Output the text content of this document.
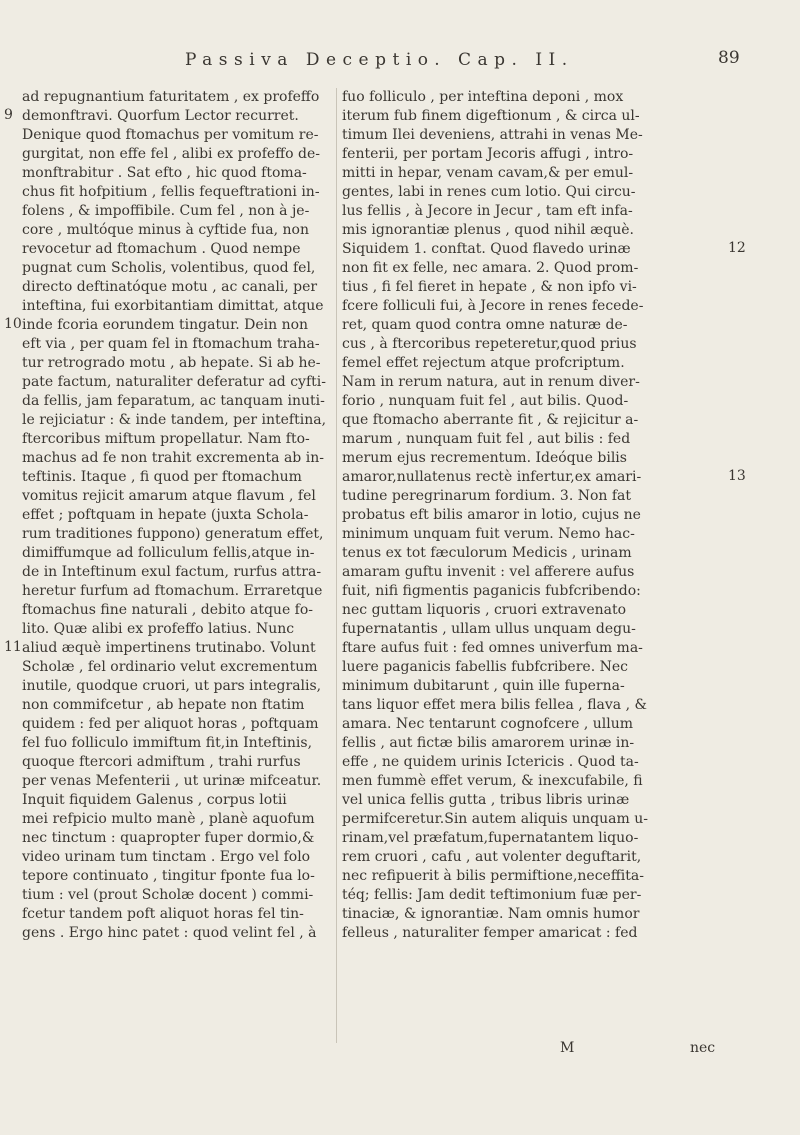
Passiva Deceptio. Cap. II.	89
ad repugnantium faturitatem , ex profeffo
demonftravi. Quorfum Lector recurret.
Denique quod ftomachus per vomitum re-
gurgitat, non effe fel , alibi ex profeffo de-
monftrabitur . Sat efto , hic quod ftoma-
chus fit hofpitium , fellis fequeftrationi in-
folens , & impoffibile. Cum fel , non à je-
core , multóque minus à cyftide fua, non
revocetur ad ftomachum . Quod nempe
pugnat cum Scholis, volentibus, quod fel,
directo deftinatóque motu , ac canali, per
inteftina, fui exorbitantiam dimittat, atque
inde fcoria eorundem tingatur. Dein non
eft via , per quam fel in ftomachum traha-
tur retrogrado motu , ab hepate. Si ab he-
pate factum, naturaliter deferatur ad cyfti-
da fellis, jam feparatum, ac tanquam inuti-
le rejiciatur : & inde tandem, per inteftina,
ftercoribus miftum propellatur. Nam fto-
machus ad fe non trahit excrementa ab in-
teftinis. Itaque , fi quod per ftomachum
vomitus rejicit amarum atque flavum , fel
effet ; poftquam in hepate (juxta Schola-
rum traditiones fuppono) generatum effet,
dimiffumque ad folliculum fellis,atque in-
de in Inteftinum exul factum, rurfus attra-
heretur furfum ad ftomachum. Erraretque
ftomachus fine naturali , debito atque fo-
lito. Quæ alibi ex profeffo latius. Nunc
aliud æquè impertinens trutinabo. Volunt
Scholæ , fel ordinario velut excrementum
inutile, quodque cruori, ut pars integralis,
non commifcetur , ab hepate non ftatim
quidem : fed per aliquot horas , poftquam
fel fuo folliculo immiftum fit,in Inteftinis,
quoque ftercori admiftum , trahi rurfus
per venas Mefenterii , ut urinæ mifceatur.
Inquit fiquidem Galenus , corpus lotii
mei refpicio multo manè , planè aquofum
nec tinctum : quapropter fuper dormio,&
video urinam tum tinctam . Ergo vel folo
tepore continuato , tingitur fponte fua lo-
tium : vel (prout Scholæ docent ) commi-
fcetur tandem poft aliquot horas fel tin-
gens . Ergo hinc patet : quod velint fel , à
fuo folliculo , per inteftina deponi , mox
iterum fub finem digeftionum , & circa ul-
timum Ilei deveniens, attrahi in venas Me-
fenterii, per portam Jecoris affugi , intro-
mitti in hepar, venam cavam,& per emul-
gentes, labi in renes cum lotio. Qui circu-
lus fellis , à Jecore in Jecur , tam eft infa-
mis ignorantiæ plenus , quod nihil æquè.
Siquidem 1. conftat. Quod flavedo urinæ
non fit ex felle, nec amara. 2. Quod prom-
tius , fi fel fieret in hepate , & non ipfo vi-
fcere folliculi fui, à Jecore in renes fecede-
ret, quam quod contra omne naturæ de-
cus , à ftercoribus repeteretur,quod prius
femel effet rejectum atque profcriptum.
Nam in rerum natura, aut in renum diver-
forio , nunquam fuit fel , aut bilis. Quod-
que ftomacho aberrante fit , & rejicitur a-
marum , nunquam fuit fel , aut bilis : fed
merum ejus recrementum. Ideóque bilis
amaror,nullatenus rectè infertur,ex amari-
tudine peregrinarum fordium. 3. Non fat
probatus eft bilis amaror in lotio, cujus ne
minimum unquam fuit verum. Nemo hac-
tenus ex tot fæculorum Medicis , urinam
amaram guftu invenit : vel afferere aufus
fuit, nifi figmentis paganicis fubfcribendo:
nec guttam liquoris , cruori extravenato
fupernatantis , ullam ullus unquam degu-
ftare aufus fuit : fed omnes univerfum ma-
luere paganicis fabellis fubfcribere. Nec
minimum dubitarunt , quin ille fuperna-
tans liquor effet mera bilis fellea , flava , &
amara. Nec tentarunt cognofcere , ullum
fellis , aut fictæ bilis amarorem urinæ in-
effe , ne quidem urinis Ictericis . Quod ta-
men fummè effet verum, & inexcufabile, fi
vel unica fellis gutta , tribus libris urinæ
permifceretur.Sin autem aliquis unquam u-
rinam,vel præfatum,fupernatantem liquo-
rem cruori , cafu , aut volenter deguftarit,
nec refipuerit à bilis permiftione,neceffita-
téq; fellis: Jam dedit teftimonium fuæ per-
tinaciæ, & ignorantiæ. Nam omnis humor
felleus , naturaliter femper amaricat : fed
9
10
11
12
13
M	nec
